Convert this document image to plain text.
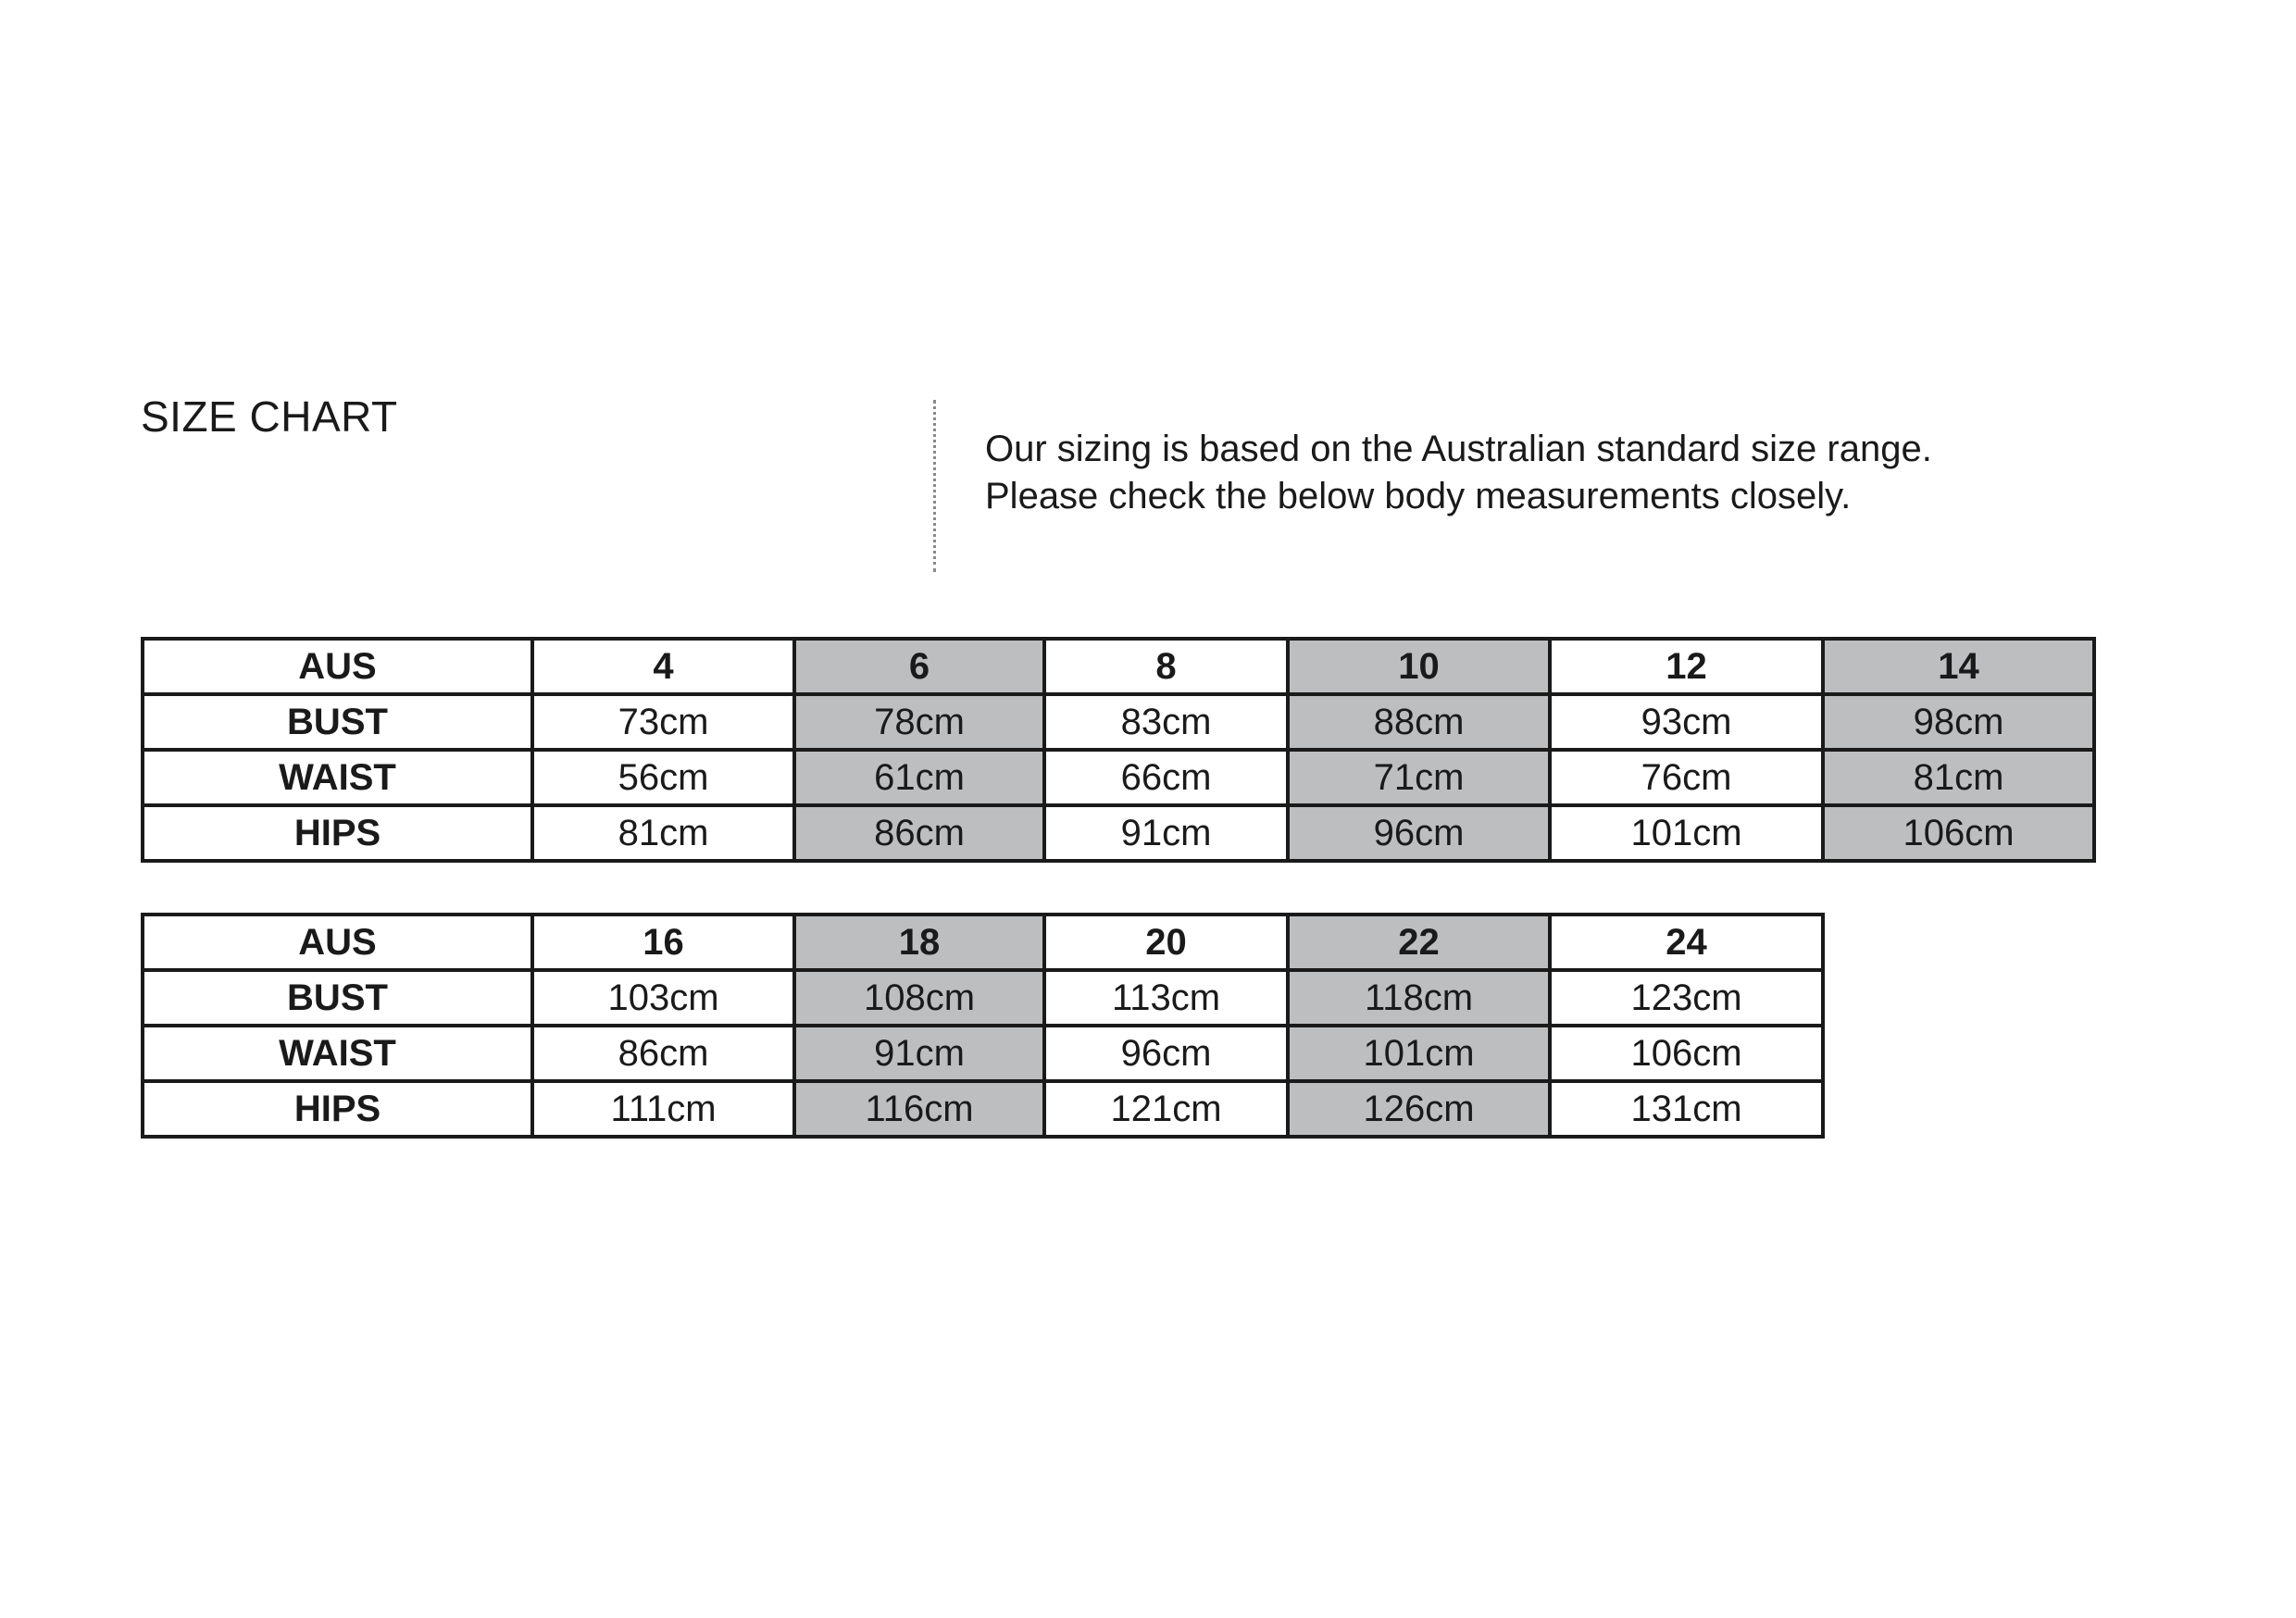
SIZE CHART

Our sizing is based on the Australian standard size range.

Please check the below body measurements closely.

AUS	4	6	8	10	12	14
BUST	73cm	78cm	83cm	88cm	93cm	98cm
WAIST	56cm	61cm	66cm	71cm	76cm	81cm
HIPS	81cm	86cm	91cm	96cm	101cm	106cm
AUS	16	18	20	22	24
BUST	103cm	108cm	113cm	118cm	123cm
WAIST	86cm	91cm	96cm	101cm	106cm
HIPS	111cm	116cm	121cm	126cm	131cm
